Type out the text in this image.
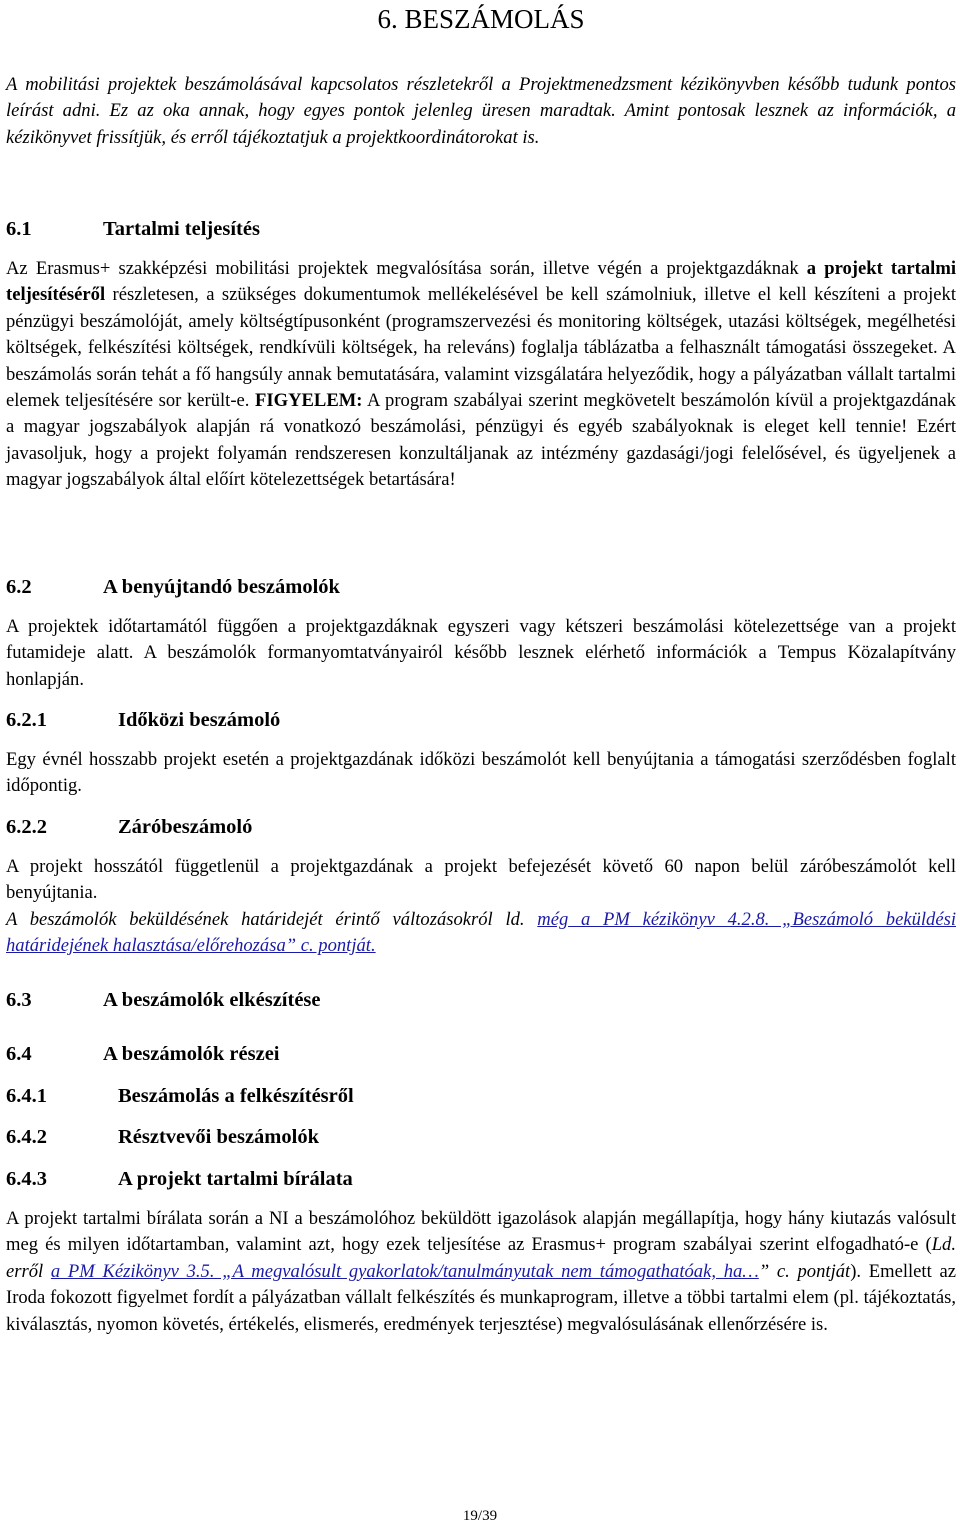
6. BESZÁMOLÁS

A mobilitási projektek beszámolásával kapcsolatos részletekről a Projektmenedzsment kézikönyvben később tudunk pontos leírást adni. Ez az oka annak, hogy egyes pontok jelenleg üresen maradtak. Amint pontosak lesznek az információk, a kézikönyvet frissítjük, és erről tájékoztatjuk a projektkoordinátorokat is.

6.1	Tartalmi teljesítés

Az Erasmus+ szakképzési mobilitási projektek megvalósítása során, illetve végén a projektgazdáknak a projekt tartalmi teljesítéséről részletesen, a szükséges dokumentumok mellékelésével be kell számolniuk, illetve el kell készíteni a projekt pénzügyi beszámolóját, amely költségtípusonként (programszervezési és monitoring költségek, utazási költségek, megélhetési költségek, felkészítési költségek, rendkívüli költségek, ha releváns) foglalja táblázatba a felhasznált támogatási összegeket. A beszámolás során tehát a fő hangsúly annak bemutatására, valamint vizsgálatára helyeződik, hogy a pályázatban vállalt tartalmi elemek teljesítésére sor került-e. FIGYELEM: A program szabályai szerint megkövetelt beszámolón kívül a projektgazdának a magyar jogszabályok alapján rá vonatkozó beszámolási, pénzügyi és egyéb szabályoknak is eleget kell tennie! Ezért javasoljuk, hogy a projekt folyamán rendszeresen konzultáljanak az intézmény gazdasági/jogi felelősével, és ügyeljenek a magyar jogszabályok által előírt kötelezettségek betartására!

6.2	A benyújtandó beszámolók

A projektek időtartamától függően a projektgazdáknak egyszeri vagy kétszeri beszámolási kötelezettsége van a projekt futamideje alatt. A beszámolók formanyomtatványairól később lesznek elérhető információk a Tempus Közalapítvány honlapján.

6.2.1	Időközi beszámoló

Egy évnél hosszabb projekt esetén a projektgazdának időközi beszámolót kell benyújtania a támogatási szerződésben foglalt időpontig.

6.2.2	Záróbeszámoló

A projekt hosszától függetlenül a projektgazdának a projekt befejezését követő 60 napon belül záróbeszámolót kell benyújtania.

A beszámolók beküldésének határidejét érintő változásokról ld. még a PM kézikönyv 4.2.8. „Beszámoló beküldési határidejének halasztása/előrehozása” c. pontját.

6.3	A beszámolók elkészítése
6.4	A beszámolók részei
6.4.1	Beszámolás a felkészítésről
6.4.2	Résztvevői beszámolók
6.4.3	A projekt tartalmi bírálata

A projekt tartalmi bírálata során a NI a beszámolóhoz beküldött igazolások alapján megállapítja, hogy hány kiutazás valósult meg és milyen időtartamban, valamint azt, hogy ezek teljesítése az Erasmus+ program szabályai szerint elfogadható-e (Ld. erről a PM Kézikönyv 3.5. „A megvalósult gyakorlatok/tanulmányutak nem támogathatóak, ha…” c. pontját). Emellett az Iroda fokozott figyelmet fordít a pályázatban vállalt felkészítés és munkaprogram, illetve a többi tartalmi elem (pl. tájékoztatás, kiválasztás, nyomon követés, értékelés, elismerés, eredmények terjesztése) megvalósulásának ellenőrzésére is.

19/39
